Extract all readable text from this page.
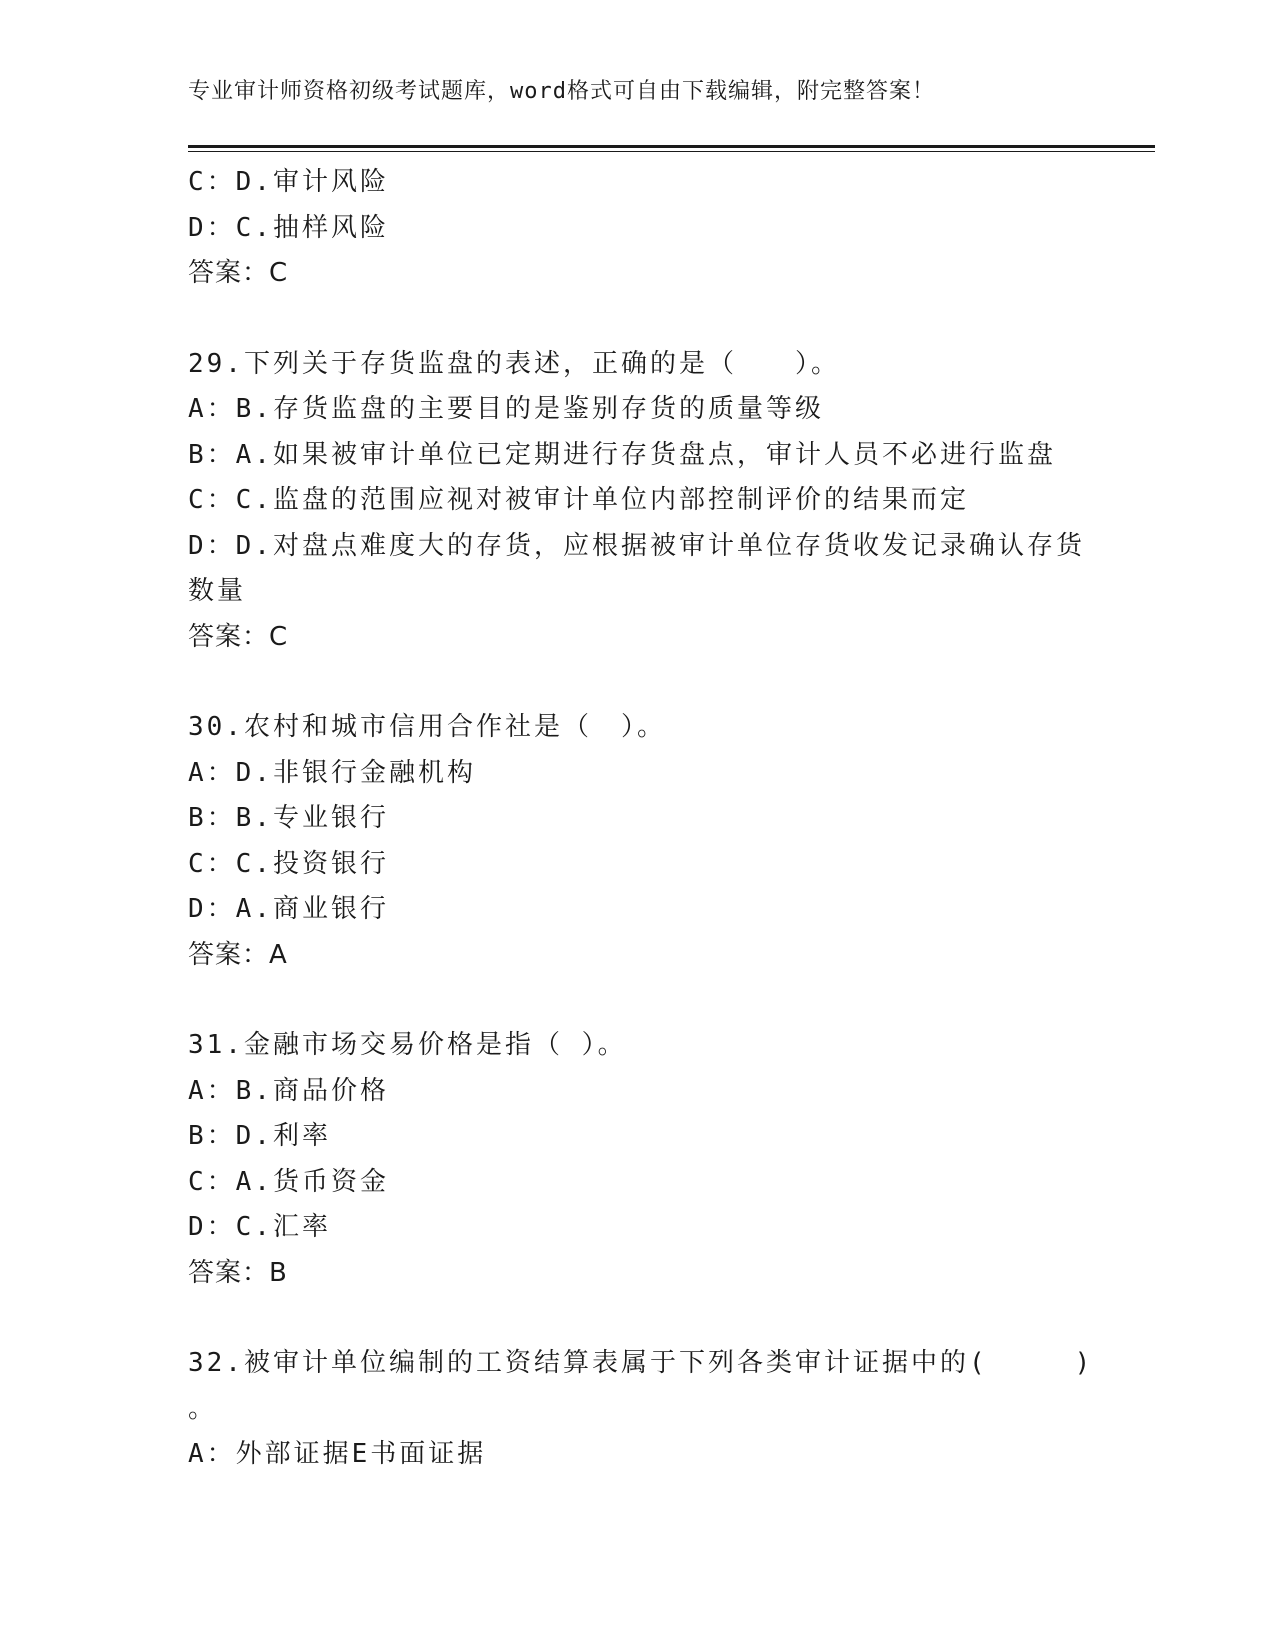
专业审计师资格初级考试题库，word格式可自由下载编辑，附完整答案！
C：D.审计风险
D：C.抽样风险
答案：C
29.下列关于存货监盘的表述，正确的是（　　）。
A：B.存货监盘的主要目的是鉴别存货的质量等级
B：A.如果被审计单位已定期进行存货盘点，审计人员不必进行监盘
C：C.监盘的范围应视对被审计单位内部控制评价的结果而定
D：D.对盘点难度大的存货，应根据被审计单位存货收发记录确认存货
数量
答案：C
30.农村和城市信用合作社是（　）。
A：D.非银行金融机构
B：B.专业银行
C：C.投资银行
D：A.商业银行
答案：A
31.金融市场交易价格是指（ ）。
A：B.商品价格
B：D.利率
C：A.货币资金
D：C.汇率
答案：B
32.被审计单位编制的工资结算表属于下列各类审计证据中的(　　　)
。
A：外部证据E书面证据
